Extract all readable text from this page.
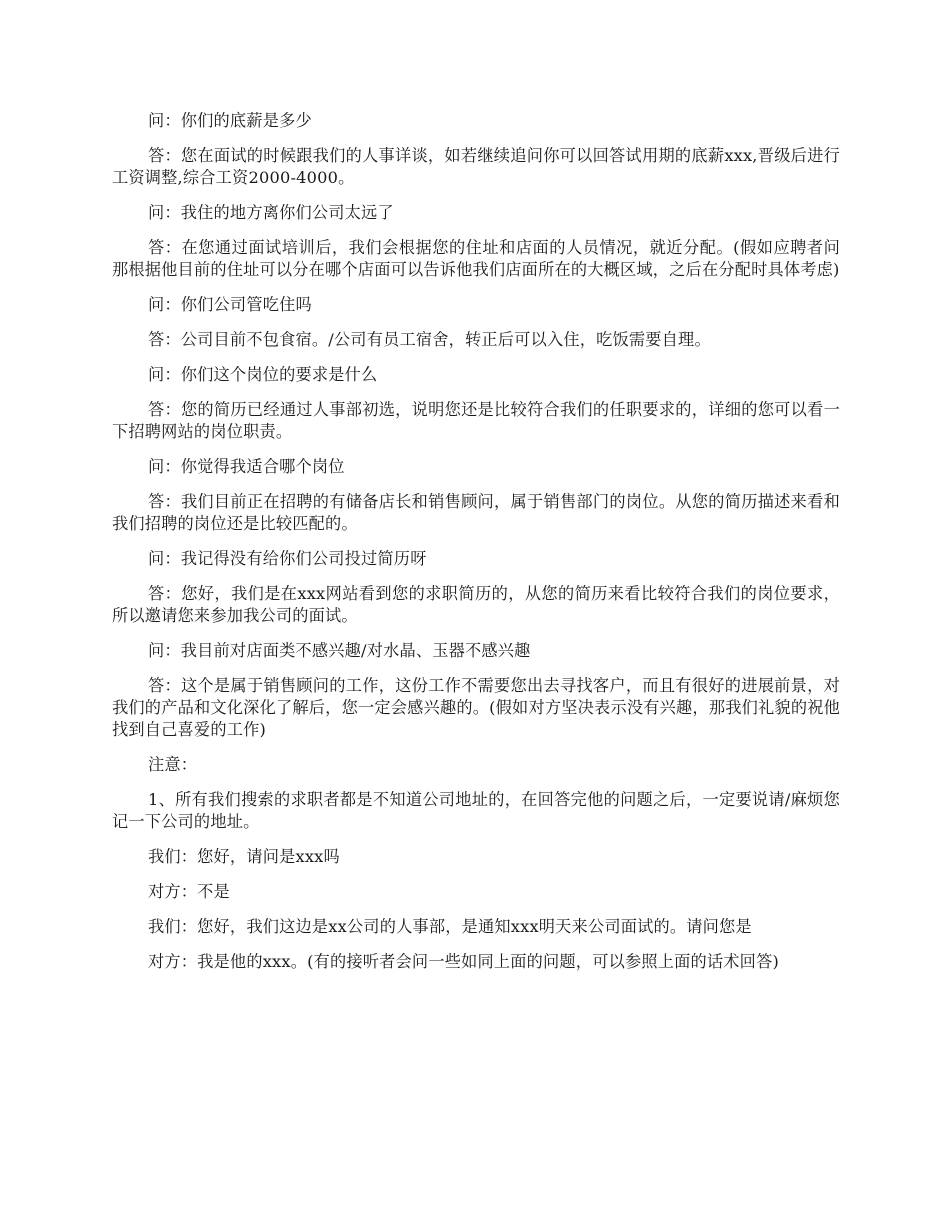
问：你们的底薪是多少

答：您在面试的时候跟我们的人事详谈，如若继续追问你可以回答试用期的底薪xxx,晋级后进行工资调整,综合工资2000-4000。

问：我住的地方离你们公司太远了

答：在您通过面试培训后，我们会根据您的住址和店面的人员情况，就近分配。(假如应聘者问那根据他目前的住址可以分在哪个店面可以告诉他我们店面所在的大概区域，之后在分配时具体考虑)

问：你们公司管吃住吗

答：公司目前不包食宿。/公司有员工宿舍，转正后可以入住，吃饭需要自理。

问：你们这个岗位的要求是什么

答：您的简历已经通过人事部初选，说明您还是比较符合我们的任职要求的，详细的您可以看一下招聘网站的岗位职责。

问：你觉得我适合哪个岗位

答：我们目前正在招聘的有储备店长和销售顾问，属于销售部门的岗位。从您的简历描述来看和我们招聘的岗位还是比较匹配的。

问：我记得没有给你们公司投过简历呀

答：您好，我们是在xxx网站看到您的求职简历的，从您的简历来看比较符合我们的岗位要求，所以邀请您来参加我公司的面试。

问：我目前对店面类不感兴趣/对水晶、玉器不感兴趣

答：这个是属于销售顾问的工作，这份工作不需要您出去寻找客户，而且有很好的进展前景，对我们的产品和文化深化了解后，您一定会感兴趣的。(假如对方坚决表示没有兴趣，那我们礼貌的祝他找到自己喜爱的工作)

注意：

1、所有我们搜索的求职者都是不知道公司地址的，在回答完他的问题之后，一定要说请/麻烦您记一下公司的地址。

我们：您好，请问是xxx吗

对方：不是

我们：您好，我们这边是xx公司的人事部，是通知xxx明天来公司面试的。请问您是

对方：我是他的xxx。(有的接听者会问一些如同上面的问题，可以参照上面的话术回答)
